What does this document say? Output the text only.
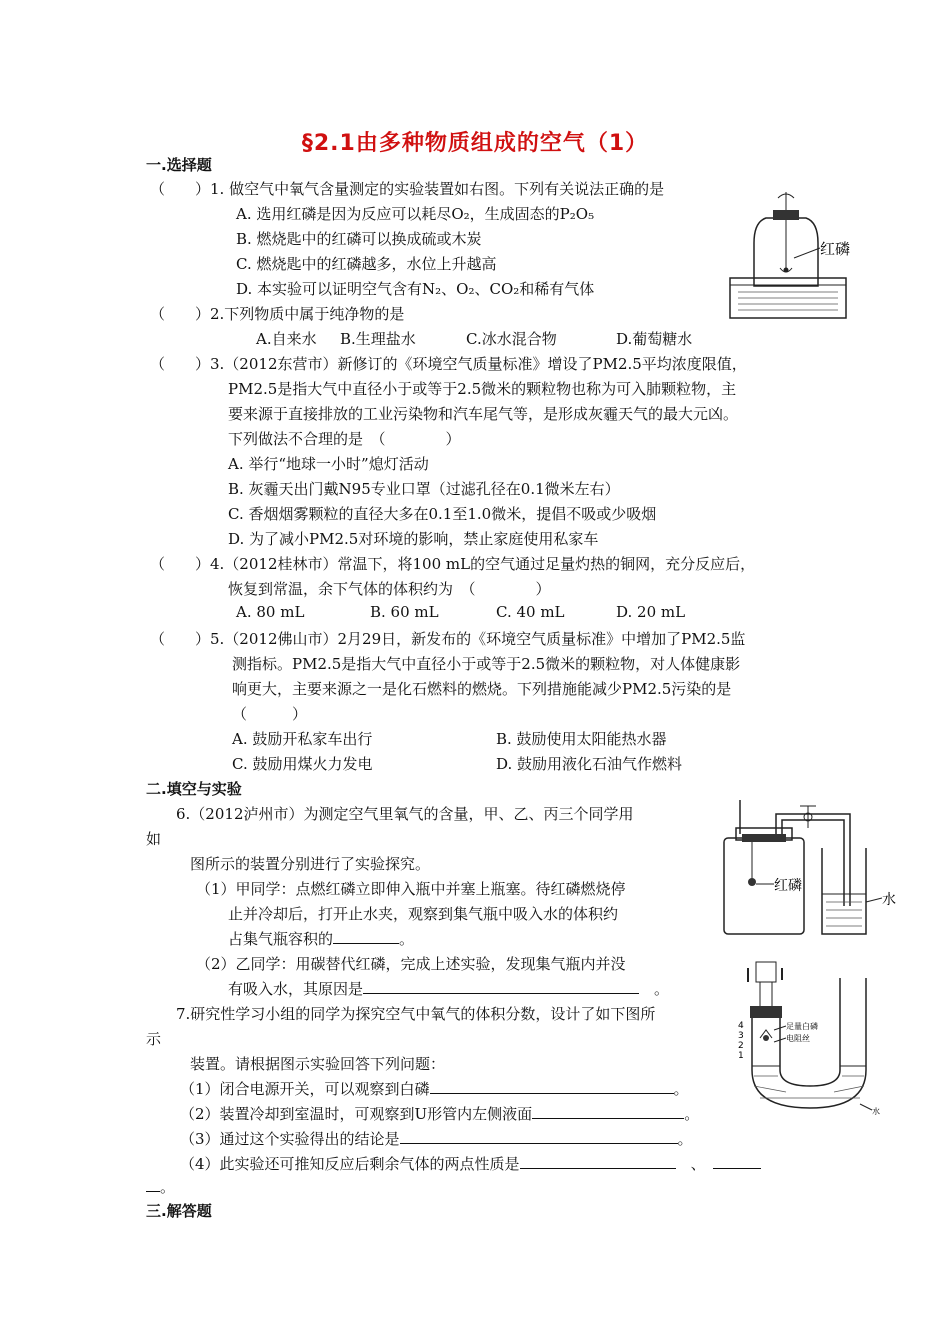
§2.1由多种物质组成的空气（1）
一.选择题
（　　）1. 做空气中氧气含量测定的实验装置如右图。下列有关说法正确的是
A. 选用红磷是因为反应可以耗尽O₂，生成固态的P₂O₅
B. 燃烧匙中的红磷可以换成硫或木炭
C. 燃烧匙中的红磷越多，水位上升越高
D. 本实验可以证明空气含有N₂、O₂、CO₂和稀有气体
红磷
（　　）2.下列物质中属于纯净物的是
A.自来水 B.生理盐水	C.冰水混合物	D.葡萄糖水
（　　）3.（2012东营市）新修订的《环境空气质量标准》增设了PM2.5平均浓度限值，
PM2.5是指大气中直径小于或等于2.5微米的颗粒物也称为可入肺颗粒物，主
要来源于直接排放的工业污染物和汽车尾气等，是形成灰霾天气的最大元凶。
下列做法不合理的是　（　　　　）
A. 举行“地球一小时”熄灯活动
B. 灰霾天出门戴N95专业口罩（过滤孔径在0.1微米左右）
C. 香烟烟雾颗粒的直径大多在0.1至1.0微米，提倡不吸或少吸烟
D. 为了减小PM2.5对环境的影响，禁止家庭使用私家车
（　　）4.（2012桂林市）常温下，将100 mL的空气通过足量灼热的铜网，充分反应后，
恢复到常温，余下气体的体积约为　（　　　　）
A. 80 mL	B. 60 mL	C. 40 mL	D. 20 mL
（　　）5.（2012佛山市）2月29日，新发布的《环境空气质量标准》中增加了PM2.5监
测指标。PM2.5是指大气中直径小于或等于2.5微米的颗粒物，对人体健康影
响更大，主要来源之一是化石燃料的燃烧。下列措施能减少PM2.5污染的是
（　　　）
A. 鼓励开私家车出行	B. 鼓励使用太阳能热水器
C. 鼓励用煤火力发电	D. 鼓励用液化石油气作燃料
二.填空与实验
6.（2012泸州市）为测定空气里氧气的含量，甲、乙、丙三个同学用
如
图所示的装置分别进行了实验探究。
（1）甲同学：点燃红磷立即伸入瓶中并塞上瓶塞。待红磷燃烧停
止并冷却后，打开止水夹，观察到集气瓶中吸入水的体积约
占集气瓶容积的	。
（2）乙同学：用碳替代红磷，完成上述实验，发现集气瓶内并没
有吸入水，其原因是　	。
红磷
水
7.研究性学习小组的同学为探究空气中氧气的体积分数，设计了如下图所
示
装置。请根据图示实验回答下列问题：
（1）闭合电源开关，可以观察到白磷	。
（2）装置冷却到室温时，可观察到U形管内左侧液面	。
（3）通过这个实验得出的结论是	。
（4）此实验还可推知反应后剩余气体的两点性质是　	、　
。
足量白磷
电阻丝
4
3
2
1
水
三.解答题
